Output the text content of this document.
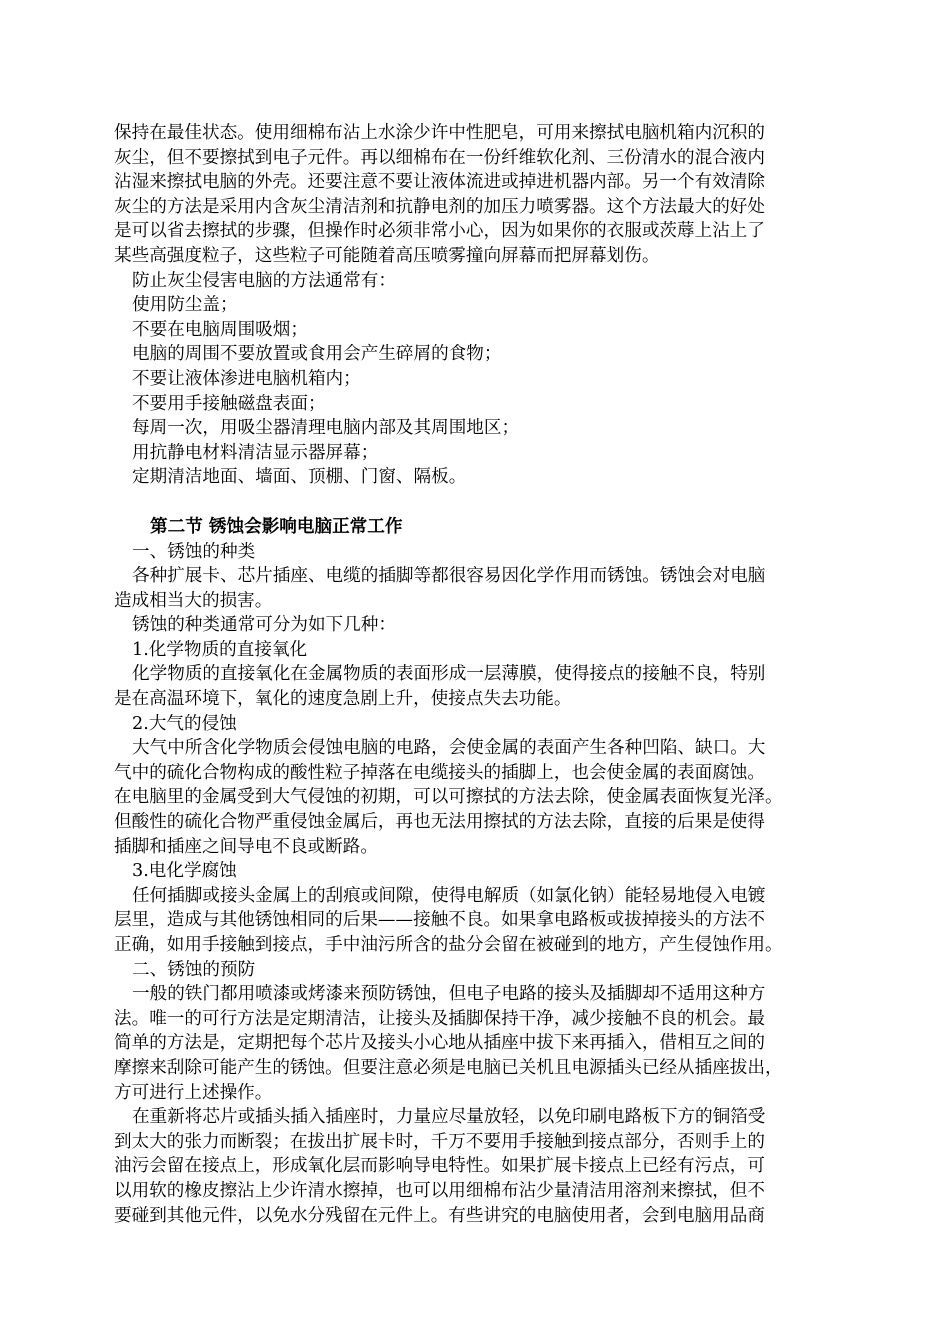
保持在最佳状态。使用细棉布沾上水涂少许中性肥皂，可用来擦拭电脑机箱内沉积的
灰尘，但不要擦拭到电子元件。再以细棉布在一份纤维软化剂、三份清水的混合液内
沾湿来擦拭电脑的外壳。还要注意不要让液体流进或掉进机器内部。另一个有效清除
灰尘的方法是采用内含灰尘清洁剂和抗静电剂的加压力喷雾器。这个方法最大的好处
是可以省去擦拭的步骤，但操作时必须非常小心，因为如果你的衣服或茨蓐上沾上了
某些高强度粒子，这些粒子可能随着高压喷雾撞向屏幕而把屏幕划伤。
防止灰尘侵害电脑的方法通常有：
使用防尘盖；
不要在电脑周围吸烟；
电脑的周围不要放置或食用会产生碎屑的食物；
不要让液体渗进电脑机箱内；
不要用手接触磁盘表面；
每周一次，用吸尘器清理电脑内部及其周围地区；
用抗静电材料清洁显示器屏幕；
定期清洁地面、墙面、顶棚、门窗、隔板。
第二节 锈蚀会影响电脑正常工作
一、锈蚀的种类
各种扩展卡、芯片插座、电缆的插脚等都很容易因化学作用而锈蚀。锈蚀会对电脑
造成相当大的损害。
锈蚀的种类通常可分为如下几种：
1.化学物质的直接氧化
化学物质的直接氧化在金属物质的表面形成一层薄膜，使得接点的接触不良，特别
是在高温环境下，氧化的速度急剧上升，使接点失去功能。
2.大气的侵蚀
大气中所含化学物质会侵蚀电脑的电路，会使金属的表面产生各种凹陷、缺口。大
气中的硫化合物构成的酸性粒子掉落在电缆接头的插脚上，也会使金属的表面腐蚀。
在电脑里的金属受到大气侵蚀的初期，可以可擦拭的方法去除，使金属表面恢复光泽。
但酸性的硫化合物严重侵蚀金属后，再也无法用擦拭的方法去除，直接的后果是使得
插脚和插座之间导电不良或断路。
3.电化学腐蚀
任何插脚或接头金属上的刮痕或间隙，使得电解质（如氯化钠）能轻易地侵入电镀
层里，造成与其他锈蚀相同的后果——接触不良。如果拿电路板或拔掉接头的方法不
正确，如用手接触到接点，手中油污所含的盐分会留在被碰到的地方，产生侵蚀作用。
二、锈蚀的预防
一般的铁门都用喷漆或烤漆来预防锈蚀，但电子电路的接头及插脚却不适用这种方
法。唯一的可行方法是定期清洁，让接头及插脚保持干净，减少接触不良的机会。最
简单的方法是，定期把每个芯片及接头小心地从插座中拔下来再插入，借相互之间的
摩擦来刮除可能产生的锈蚀。但要注意必须是电脑已关机且电源插头已经从插座拔出，
方可进行上述操作。
在重新将芯片或插头插入插座时，力量应尽量放轻，以免印刷电路板下方的铜箔受
到太大的张力而断裂；在拔出扩展卡时，千万不要用手接触到接点部分，否则手上的
油污会留在接点上，形成氧化层而影响导电特性。如果扩展卡接点上已经有污点，可
以用软的橡皮擦沾上少许清水擦掉，也可以用细棉布沾少量清洁用溶剂来擦拭，但不
要碰到其他元件，以免水分残留在元件上。有些讲究的电脑使用者，会到电脑用品商
